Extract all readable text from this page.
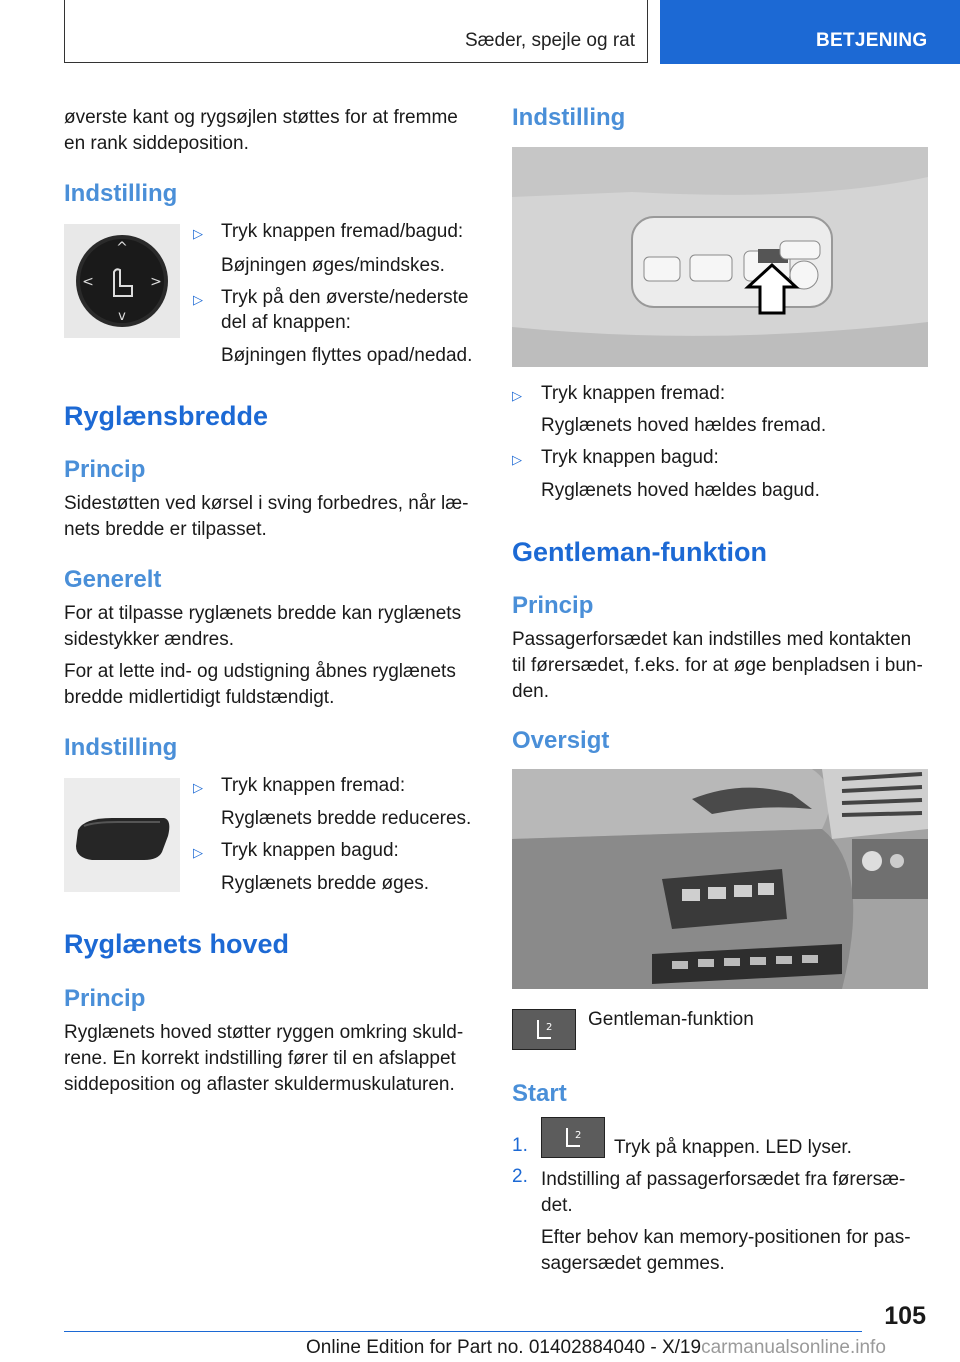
Sæder, spejle og rat	BETJENING

øverste kant og rygsøjlen støttes for at fremme

en rank siddeposition.

Indstilling
^
v
<	>
▷ Tryk knappen fremad/bagud:
Bøjningen øges/mindskes.
▷ Tryk på den øverste/nederste
del af knappen:
Bøjningen flyttes opad/nedad.
Ryglænsbredde
Princip

Sidestøtten ved kørsel i sving forbedres, når læ-

nets bredde er tilpasset.

Generelt

For at tilpasse ryglænets bredde kan ryglænets

sidestykker ændres.

For at lette ind- og udstigning åbnes ryglænets

bredde midlertidigt fuldstændigt.

Indstilling
▷ Tryk knappen fremad:
Ryglænets bredde reduceres.
▷ Tryk knappen bagud:
Ryglænets bredde øges.
Ryglænets hoved
Princip

Ryglænets hoved støtter ryggen omkring skuld-

rene. En korrekt indstilling fører til en afslappet

siddeposition og aflaster skuldermuskulaturen.

Indstilling
▷ Tryk knappen fremad:
Ryglænets hoved hældes fremad.
▷ Tryk knappen bagud:
Ryglænets hoved hældes bagud.
Gentleman-funktion
Princip

Passagerforsædet kan indstilles med kontakten

til førersædet, f.eks. for at øge benpladsen i bun-

den.

Oversigt
2 Gentleman-funktion
Start
1.	2
Tryk på knappen. LED lyser.
2. Indstilling af passagerforsædet fra førersæ-
det.
Efter behov kan memory-positionen for pas-
sagersædet gemmes.
105
Online Edition for Part no. 01402884040 - X/19carmanualsonline.info
